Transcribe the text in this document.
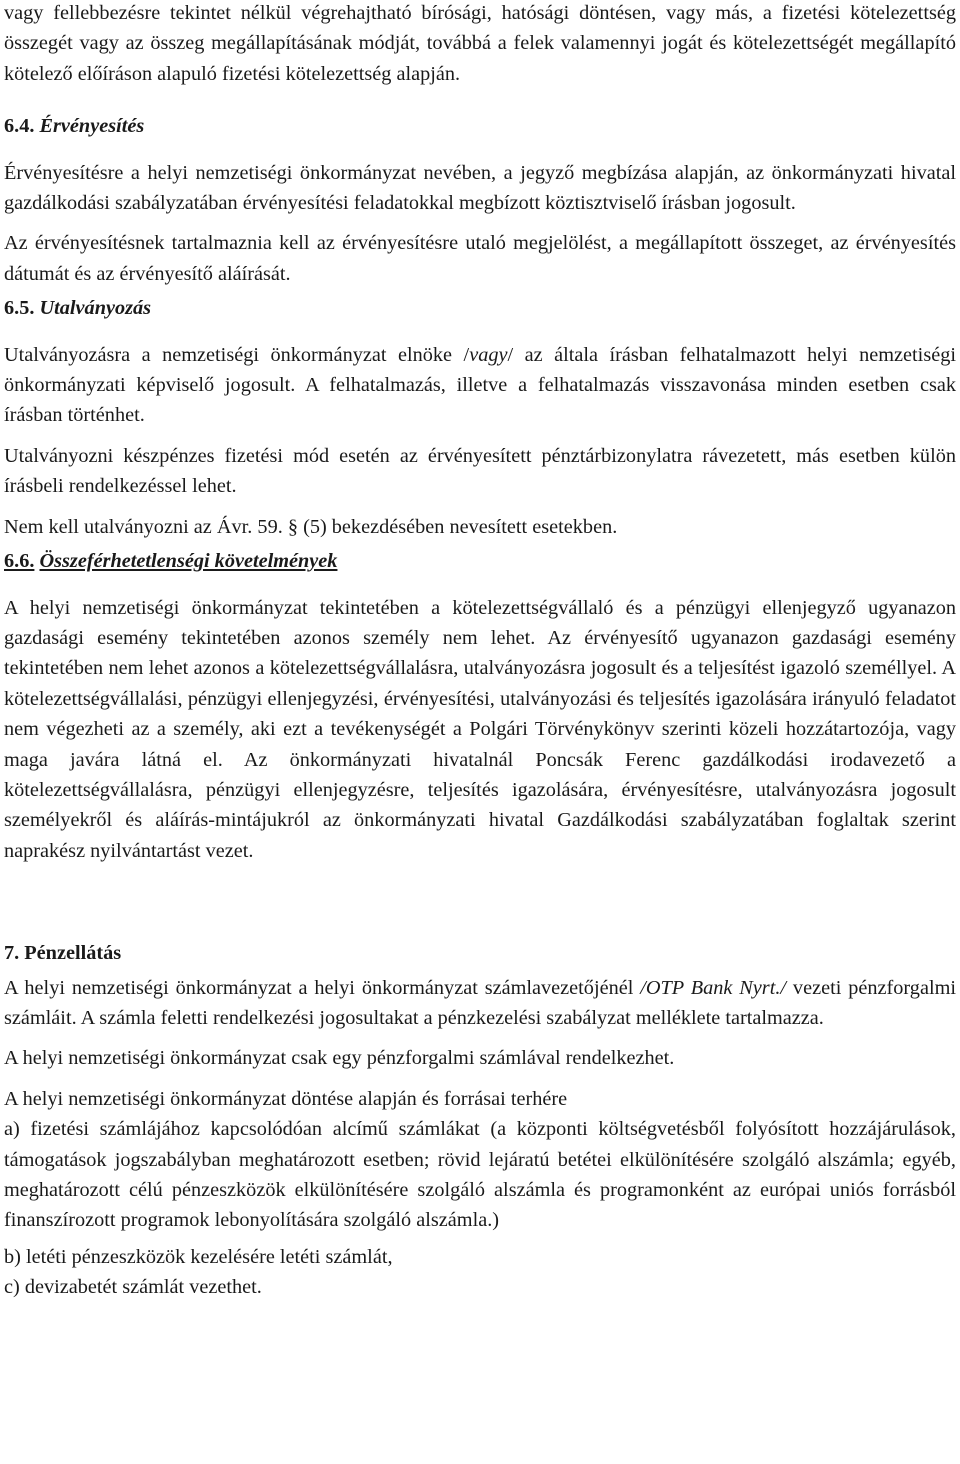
vagy fellebbezésre tekintet nélkül végrehajtható bírósági, hatósági döntésen, vagy más, a fizetési kötelezettség összegét vagy az összeg megállapításának módját, továbbá a felek valamennyi jogát és kötelezettségét megállapító kötelező előíráson alapuló fizetési kötelezettség alapján.

6.4. Érvényesítés

Érvényesítésre a helyi nemzetiségi önkormányzat nevében, a jegyző megbízása alapján, az önkormányzati hivatal gazdálkodási szabályzatában érvényesítési feladatokkal megbízott köztisztviselő írásban jogosult.

Az érvényesítésnek tartalmaznia kell az érvényesítésre utaló megjelölést, a megállapított összeget, az érvényesítés dátumát és az érvényesítő aláírását.

6.5. Utalványozás

Utalványozásra a nemzetiségi önkormányzat elnöke /vagy/ az általa írásban felhatalmazott helyi nemzetiségi önkormányzati képviselő jogosult. A felhatalmazás, illetve a felhatalmazás visszavonása minden esetben csak írásban történhet.

Utalványozni készpénzes fizetési mód esetén az érvényesített pénztárbizonylatra rávezetett, más esetben külön írásbeli rendelkezéssel lehet.

Nem kell utalványozni az Ávr. 59. § (5) bekezdésében nevesített esetekben.

6.6. Összeférhetetlenségi követelmények

A helyi nemzetiségi önkormányzat tekintetében a kötelezettségvállaló és a pénzügyi ellenjegyző ugyanazon gazdasági esemény tekintetében azonos személy nem lehet. Az érvényesítő ugyanazon gazdasági esemény tekintetében nem lehet azonos a kötelezettségvállalásra, utalványozásra jogosult és a teljesítést igazoló személlyel. A kötelezettségvállalási, pénzügyi ellenjegyzési, érvényesítési, utalványozási és teljesítés igazolására irányuló feladatot nem végezheti az a személy, aki ezt a tevékenységét a Polgári Törvénykönyv szerinti közeli hozzátartozója, vagy maga javára látná el. Az önkormányzati hivatalnál Poncsák Ferenc gazdálkodási irodavezető a kötelezettségvállalásra, pénzügyi ellenjegyzésre, teljesítés igazolására, érvényesítésre, utalványozásra jogosult személyekről és aláírás-mintájukról az önkormányzati hivatal Gazdálkodási szabályzatában foglaltak szerint naprakész nyilvántartást vezet.

7. Pénzellátás

A helyi nemzetiségi önkormányzat a helyi önkormányzat számlavezetőjénél /OTP Bank Nyrt./ vezeti pénzforgalmi számláit. A számla feletti rendelkezési jogosultakat a pénzkezelési szabályzat melléklete tartalmazza.

A helyi nemzetiségi önkormányzat csak egy pénzforgalmi számlával rendelkezhet.

A helyi nemzetiségi önkormányzat döntése alapján és forrásai terhére

a) fizetési számlájához kapcsolódóan alcímű számlákat (a központi költségvetésből folyósított hozzájárulások, támogatások jogszabályban meghatározott esetben; rövid lejáratú betétei elkülönítésére szolgáló alszámla; egyéb, meghatározott célú pénzeszközök elkülönítésére szolgáló alszámla és programonként az európai uniós forrásból finanszírozott programok lebonyolítására szolgáló alszámla.)

b) letéti pénzeszközök kezelésére letéti számlát,

c) devizabetét számlát vezethet.
